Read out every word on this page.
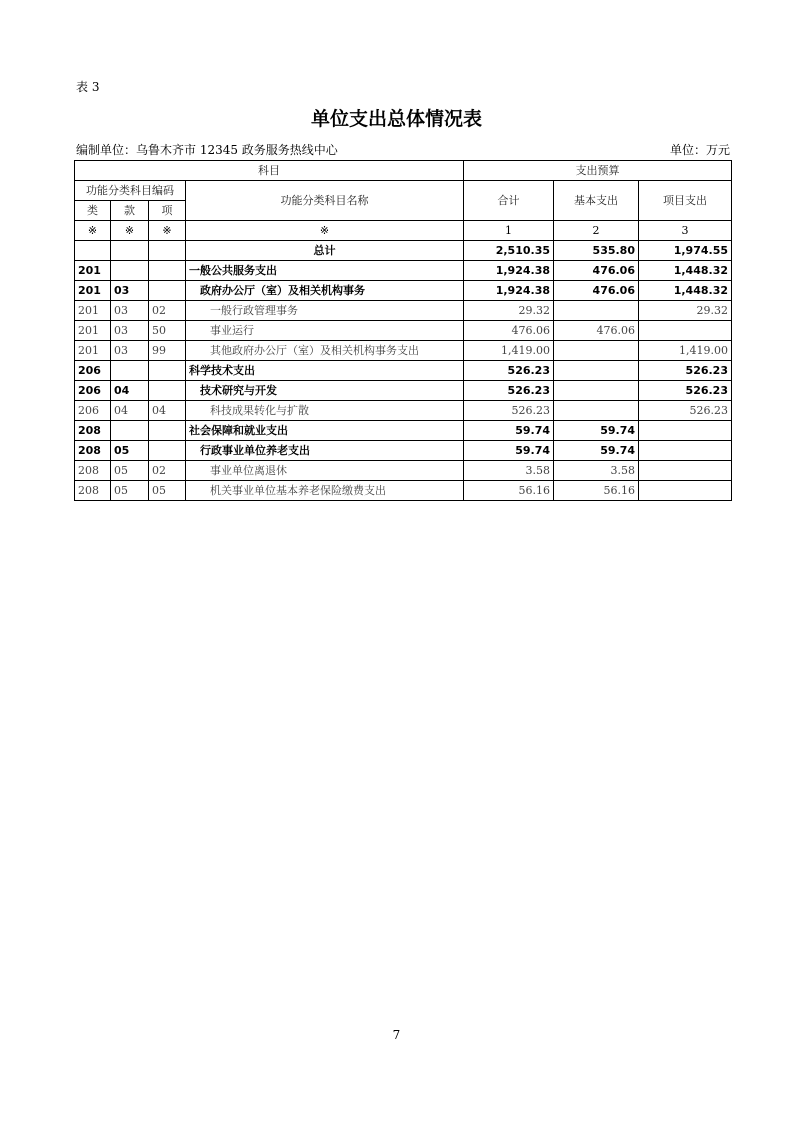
表 3
单位支出总体情况表
编制单位：乌鲁木齐市 12345 政务服务热线中心	单位：万元
科目				支出预算		
功能分类科目编码			功能分类科目名称	合计	基本支出	项目支出
类	款	项				
※	※	※	※	1	2	3
			总计	2,510.35	535.80	1,974.55
201			一般公共服务支出	1,924.38	476.06	1,448.32
201	03		政府办公厅（室）及相关机构事务	1,924.38	476.06	1,448.32
201	03	02	一般行政管理事务	29.32		29.32
201	03	50	事业运行	476.06	476.06	
201	03	99	其他政府办公厅（室）及相关机构事务支出	1,419.00		1,419.00
206			科学技术支出	526.23		526.23
206	04		技术研究与开发	526.23		526.23
206	04	04	科技成果转化与扩散	526.23		526.23
208			社会保障和就业支出	59.74	59.74	
208	05		行政事业单位养老支出	59.74	59.74	
208	05	02	事业单位离退休	3.58	3.58	
208	05	05	机关事业单位基本养老保险缴费支出	56.16	56.16	
7
